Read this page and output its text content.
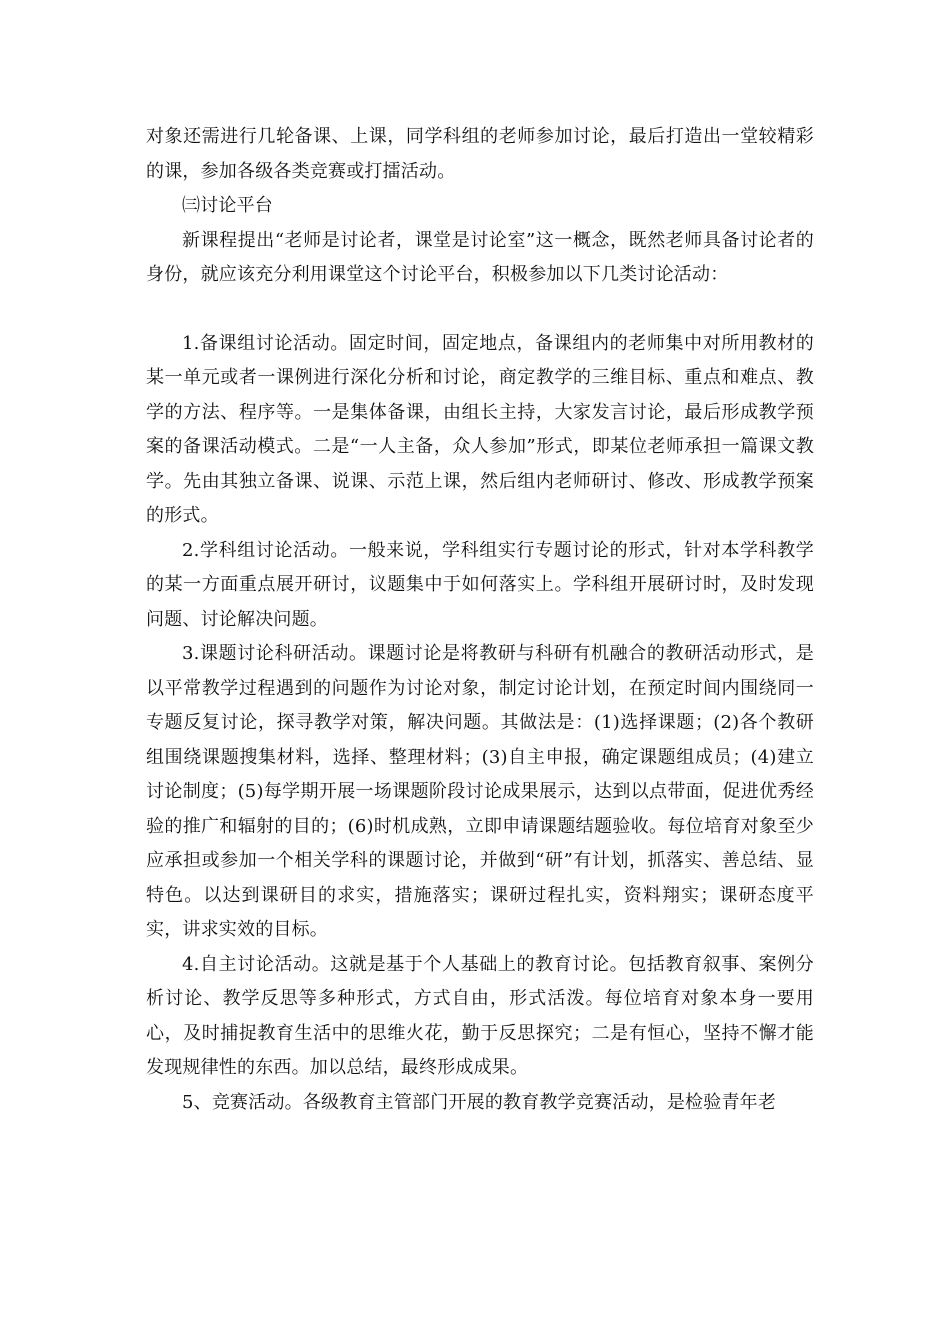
对象还需进行几轮备课、上课，同学科组的老师参加讨论，最后打造出一堂较精彩的课，参加各级各类竞赛或打擂活动。

㈢讨论平台

新课程提出“老师是讨论者，课堂是讨论室”这一概念，既然老师具备讨论者的身份，就应该充分利用课堂这个讨论平台，积极参加以下几类讨论活动：

1.备课组讨论活动。固定时间，固定地点，备课组内的老师集中对所用教材的某一单元或者一课例进行深化分析和讨论，商定教学的三维目标、重点和难点、教学的方法、程序等。一是集体备课，由组长主持，大家发言讨论，最后形成教学预案的备课活动模式。二是“一人主备，众人参加”形式，即某位老师承担一篇课文教学。先由其独立备课、说课、示范上课，然后组内老师研讨、修改、形成教学预案的形式。

2.学科组讨论活动。一般来说，学科组实行专题讨论的形式，针对本学科教学的某一方面重点展开研讨，议题集中于如何落实上。学科组开展研讨时，及时发现问题、讨论解决问题。

3.课题讨论科研活动。课题讨论是将教研与科研有机融合的教研活动形式，是以平常教学过程遇到的问题作为讨论对象，制定讨论计划，在预定时间内围绕同一专题反复讨论，探寻教学对策，解决问题。其做法是：(1)选择课题；(2)各个教研组围绕课题搜集材料，选择、整理材料；(3)自主申报，确定课题组成员；(4)建立讨论制度；(5)每学期开展一场课题阶段讨论成果展示，达到以点带面，促进优秀经验的推广和辐射的目的；(6)时机成熟，立即申请课题结题验收。每位培育对象至少应承担或参加一个相关学科的课题讨论，并做到“研”有计划，抓落实、善总结、显特色。以达到课研目的求实，措施落实；课研过程扎实，资料翔实；课研态度平实，讲求实效的目标。

4.自主讨论活动。这就是基于个人基础上的教育讨论。包括教育叙事、案例分析讨论、教学反思等多种形式，方式自由，形式活泼。每位培育对象本身一要用心，及时捕捉教育生活中的思维火花，勤于反思探究；二是有恒心，坚持不懈才能发现规律性的东西。加以总结，最终形成成果。

5、竞赛活动。各级教育主管部门开展的教育教学竞赛活动，是检验青年老
